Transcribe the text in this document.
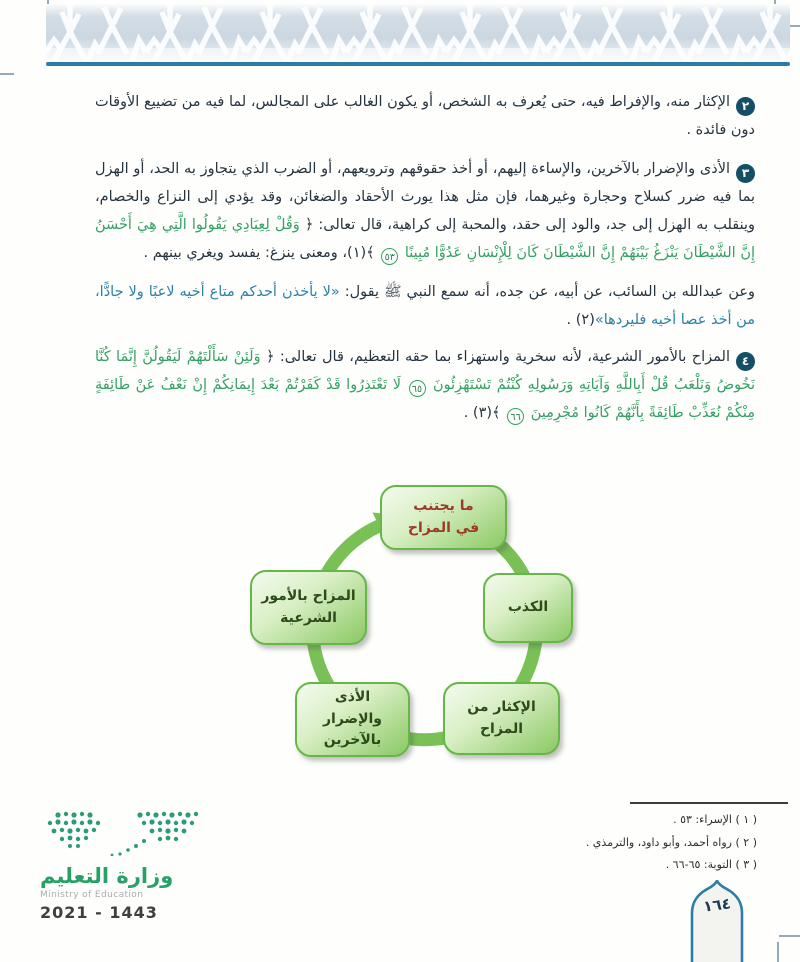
٢الإكثار منه، والإفراط فيه، حتى يُعرف به الشخص، أو يكون الغالب على المجالس، لما فيه من تضييع الأوقات دون فائدة .

٣الأذى والإضرار بالآخرين، والإساءة إليهم، أو أخذ حقوقهم وترويعهم، أو الضرب الذي يتجاوز به الحد، أو الهزل بما فيه ضرر كسلاح وحجارة وغيرهما، فإن مثل هذا يورث الأحقاد والضغائن، وقد يؤدي إلى النزاع والخصام، وينقلب به الهزل إلى جد، والود إلى حقد، والمحبة إلى كراهية، قال تعالى: ﴿ وَقُلْ لِعِبَادِي يَقُولُوا الَّتِي هِيَ أَحْسَنُ إِنَّ الشَّيْطَانَ يَنْزَغُ بَيْنَهُمْ إِنَّ الشَّيْطَانَ كَانَ لِلْإِنْسَانِ عَدُوًّا مُبِينًا ٥٣ ﴾(١)، ومعنى ينزغ: يفسد ويغري بينهم .

وعن عبدالله بن السائب، عن أبيه، عن جده، أنه سمع النبي ﷺ يقول: «لا يأخذن أحدكم متاع أخيه لاعبًا ولا جادًّا، من أخذ عصا أخيه فليردها»(٢) .

٤المزاح بالأمور الشرعية، لأنه سخرية واستهزاء بما حقه التعظيم، قال تعالى: ﴿ وَلَئِنْ سَأَلْتَهُمْ لَيَقُولُنَّ إِنَّمَا كُنَّا نَخُوضُ وَنَلْعَبُ قُلْ أَبِاللَّهِ وَآيَاتِهِ وَرَسُولِهِ كُنْتُمْ تَسْتَهْزِئُونَ ٦٥ لَا تَعْتَذِرُوا قَدْ كَفَرْتُمْ بَعْدَ إِيمَانِكُمْ إِنْ نَعْفُ عَنْ طَائِفَةٍ مِنْكُمْ نُعَذِّبْ طَائِفَةً بِأَنَّهُمْ كَانُوا مُجْرِمِينَ ٦٦ ﴾(٣) .

ما يجتنب
في المزاح
الكذب
الإكثار من المزاح
الأذى والإضرار بالآخرين
المزاح بالأمور الشرعية
( ١ ) الإسراء: ٥٣ .
( ٢ ) رواه أحمد، وأبو داود، والترمذي .
( ٣ ) التوبة: ٦٥-٦٦ .
وزارة التعليم
Ministry of Education
2021 - 1443	١٦٤
